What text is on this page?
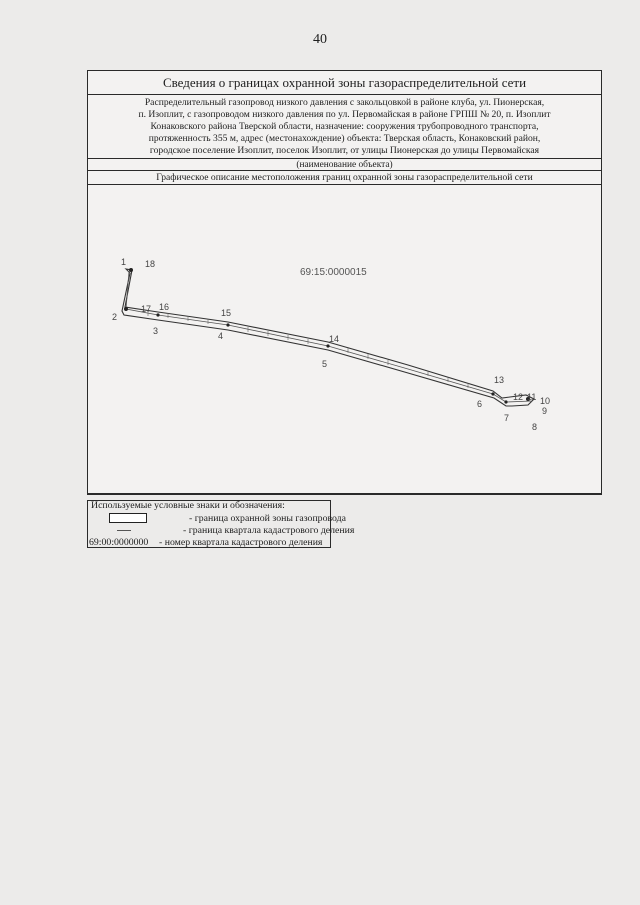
40
Сведения о границах охранной зоны газораспределительной сети
Распределительный газопровод низкого давления с закольцовкой в районе клуба, ул. Пионерская,
п. Изоплит, с газопроводом низкого давления по ул. Первомайская в районе ГРПШ № 20, п. Изоплит
Конаковского района Тверской области, назначение: сооружения трубопроводного транспорта,
протяженность 355 м, адрес (местонахождение) объекта: Тверская область, Конаковский район,
городское поселение Изоплит, поселок Изоплит, от улицы Пионерская до улицы Первомайская
(наименование объекта)
Графическое описание местоположения границ охранной зоны газораспределительной сети
1 18
2
17 16
3
15
4	14
5
13
6
12 11 10
9
7
8
69:15:0000015
Используемые условные знаки и обозначения:
- граница охранной зоны газопровода
- граница квартала кадастрового деления
69:00:0000000 - номер квартала кадастрового деления
